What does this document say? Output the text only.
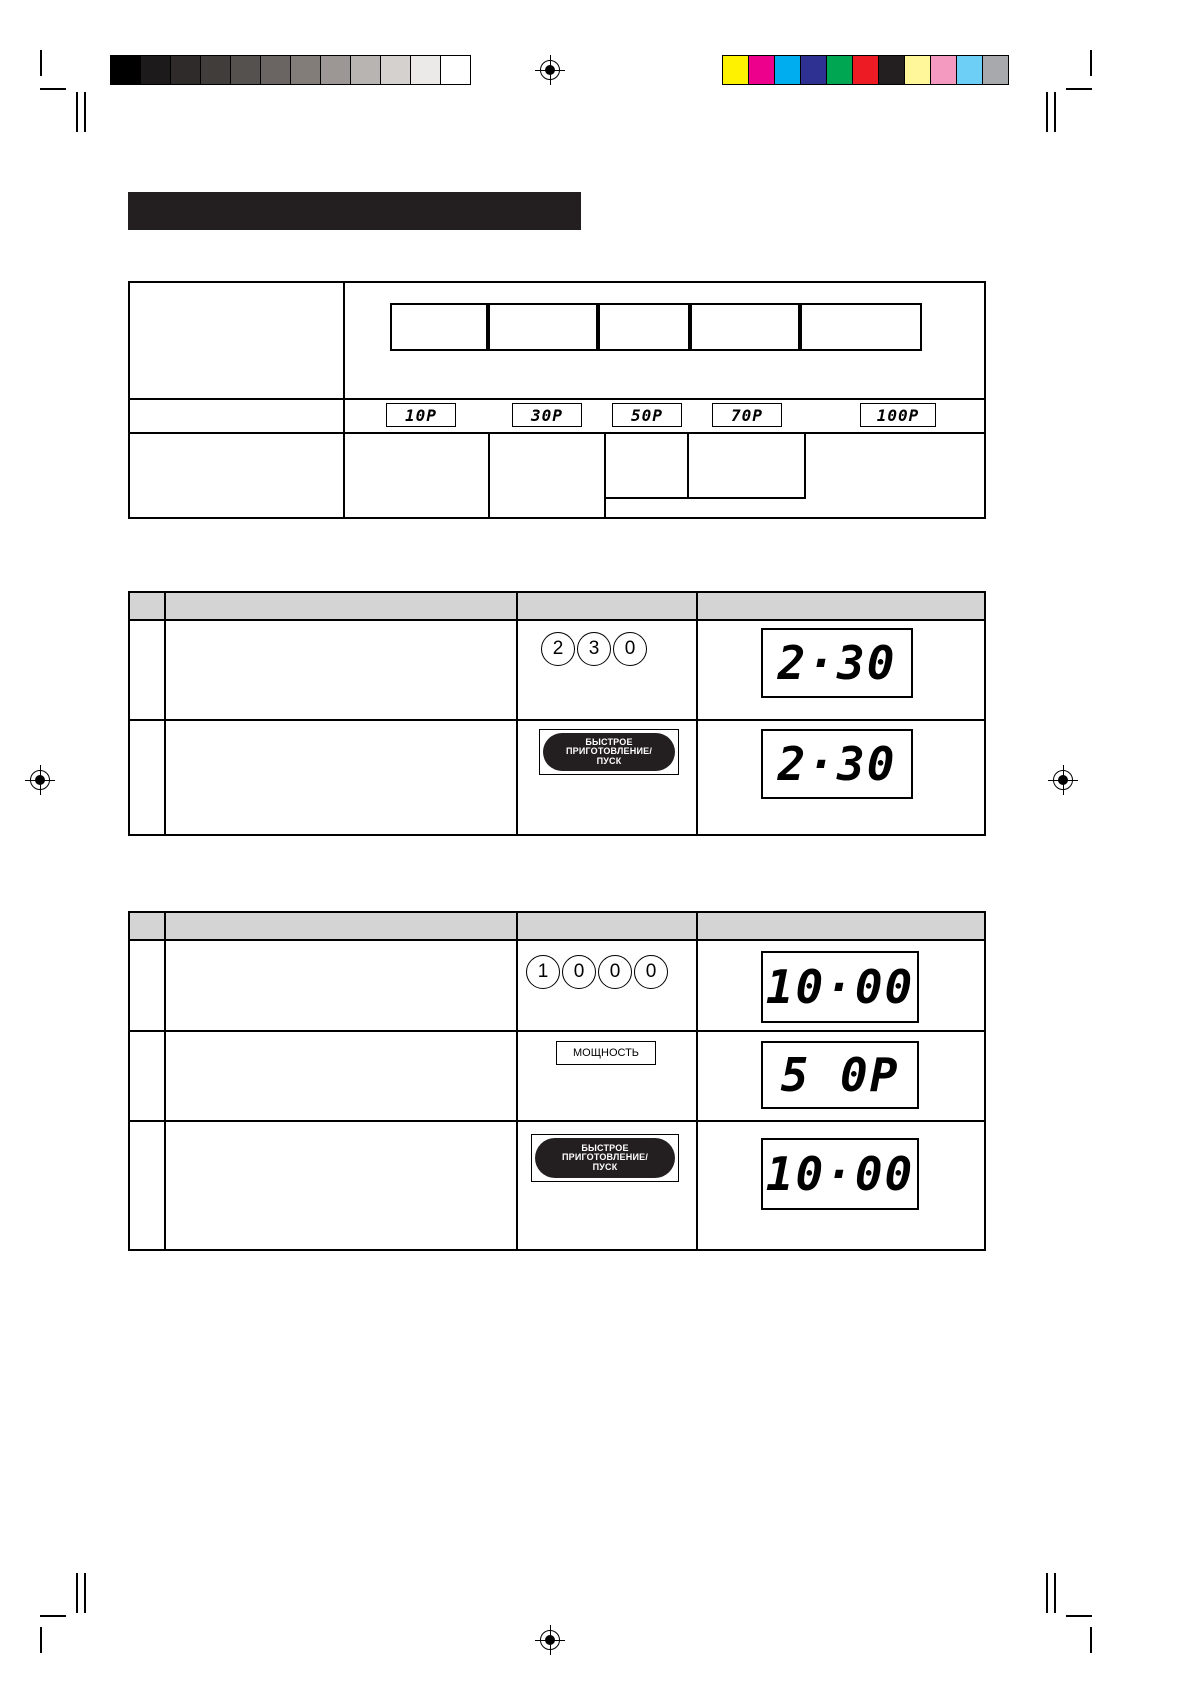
10P	30P	50P	70P	100P
2	3	0	2·30
БЫСТРОЕ
ПРИГОТОВЛЕНИЕ/
ПУСК	2·30
1	0	0	0 10·00
МОЩНОСТЬ	5 0P
БЫСТРОЕ
ПРИГОТОВЛЕНИЕ/
ПУСК	10·00
